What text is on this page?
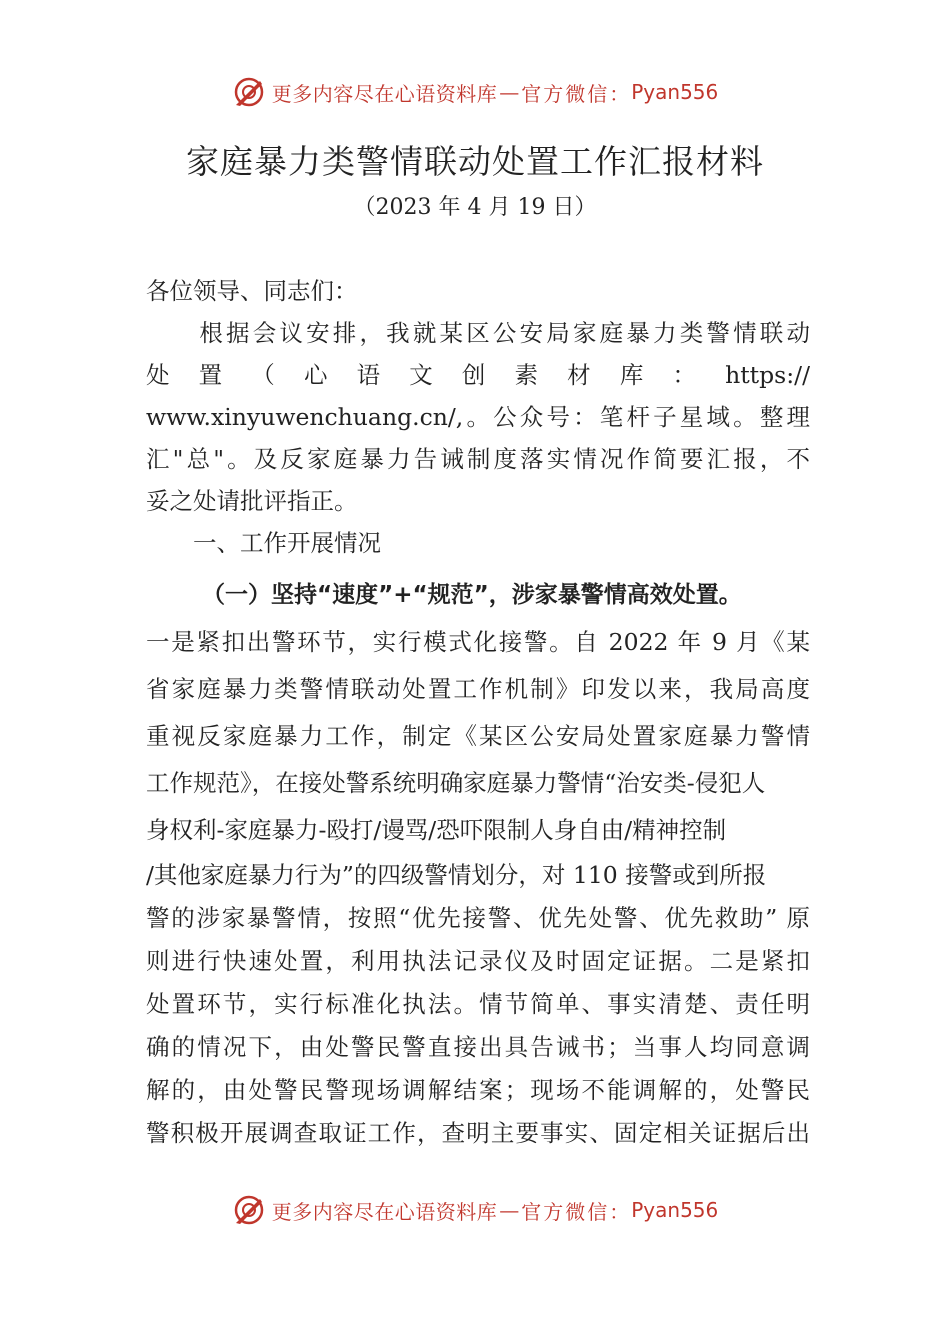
更多内容尽在心语资料库 — 官方微信： Pyan556
家庭暴力类警情联动处置工作汇报材料
（2023 年 4 月 19 日）
各位领导、同志们：
　　根据会议安排，我就某区公安局家庭暴力类警情联动
处 置 （ 心 语 文 创 素 材 库 ： https://
www.xinyuwenchuang.cn/,。公众号：笔杆子星域。整理
汇"总"。及反家庭暴力告诫制度落实情况作简要汇报，不
妥之处请批评指正。
　　一、工作开展情况
（一）坚持“速度”+“规范”，涉家暴警情高效处置。
一是紧扣出警环节，实行模式化接警。自 2022 年 9 月《某
省家庭暴力类警情联动处置工作机制》印发以来，我局高度
重视反家庭暴力工作，制定《某区公安局处置家庭暴力警情
工作规范》，在接处警系统明确家庭暴力警情“治安类-侵犯人
身权利-家庭暴力-殴打/谩骂/恐吓限制人身自由/精神控制
/其他家庭暴力行为”的四级警情划分，对 110 接警或到所报
警的涉家暴警情，按照“优先接警、优先处警、优先救助” 原
则进行快速处置，利用执法记录仪及时固定证据。二是紧扣
处置环节，实行标准化执法。情节简单、事实清楚、责任明
确的情况下，由处警民警直接出具告诫书；当事人均同意调
解的，由处警民警现场调解结案；现场不能调解的，处警民
警积极开展调查取证工作，查明主要事实、固定相关证据后出
更多内容尽在心语资料库 — 官方微信： Pyan556
